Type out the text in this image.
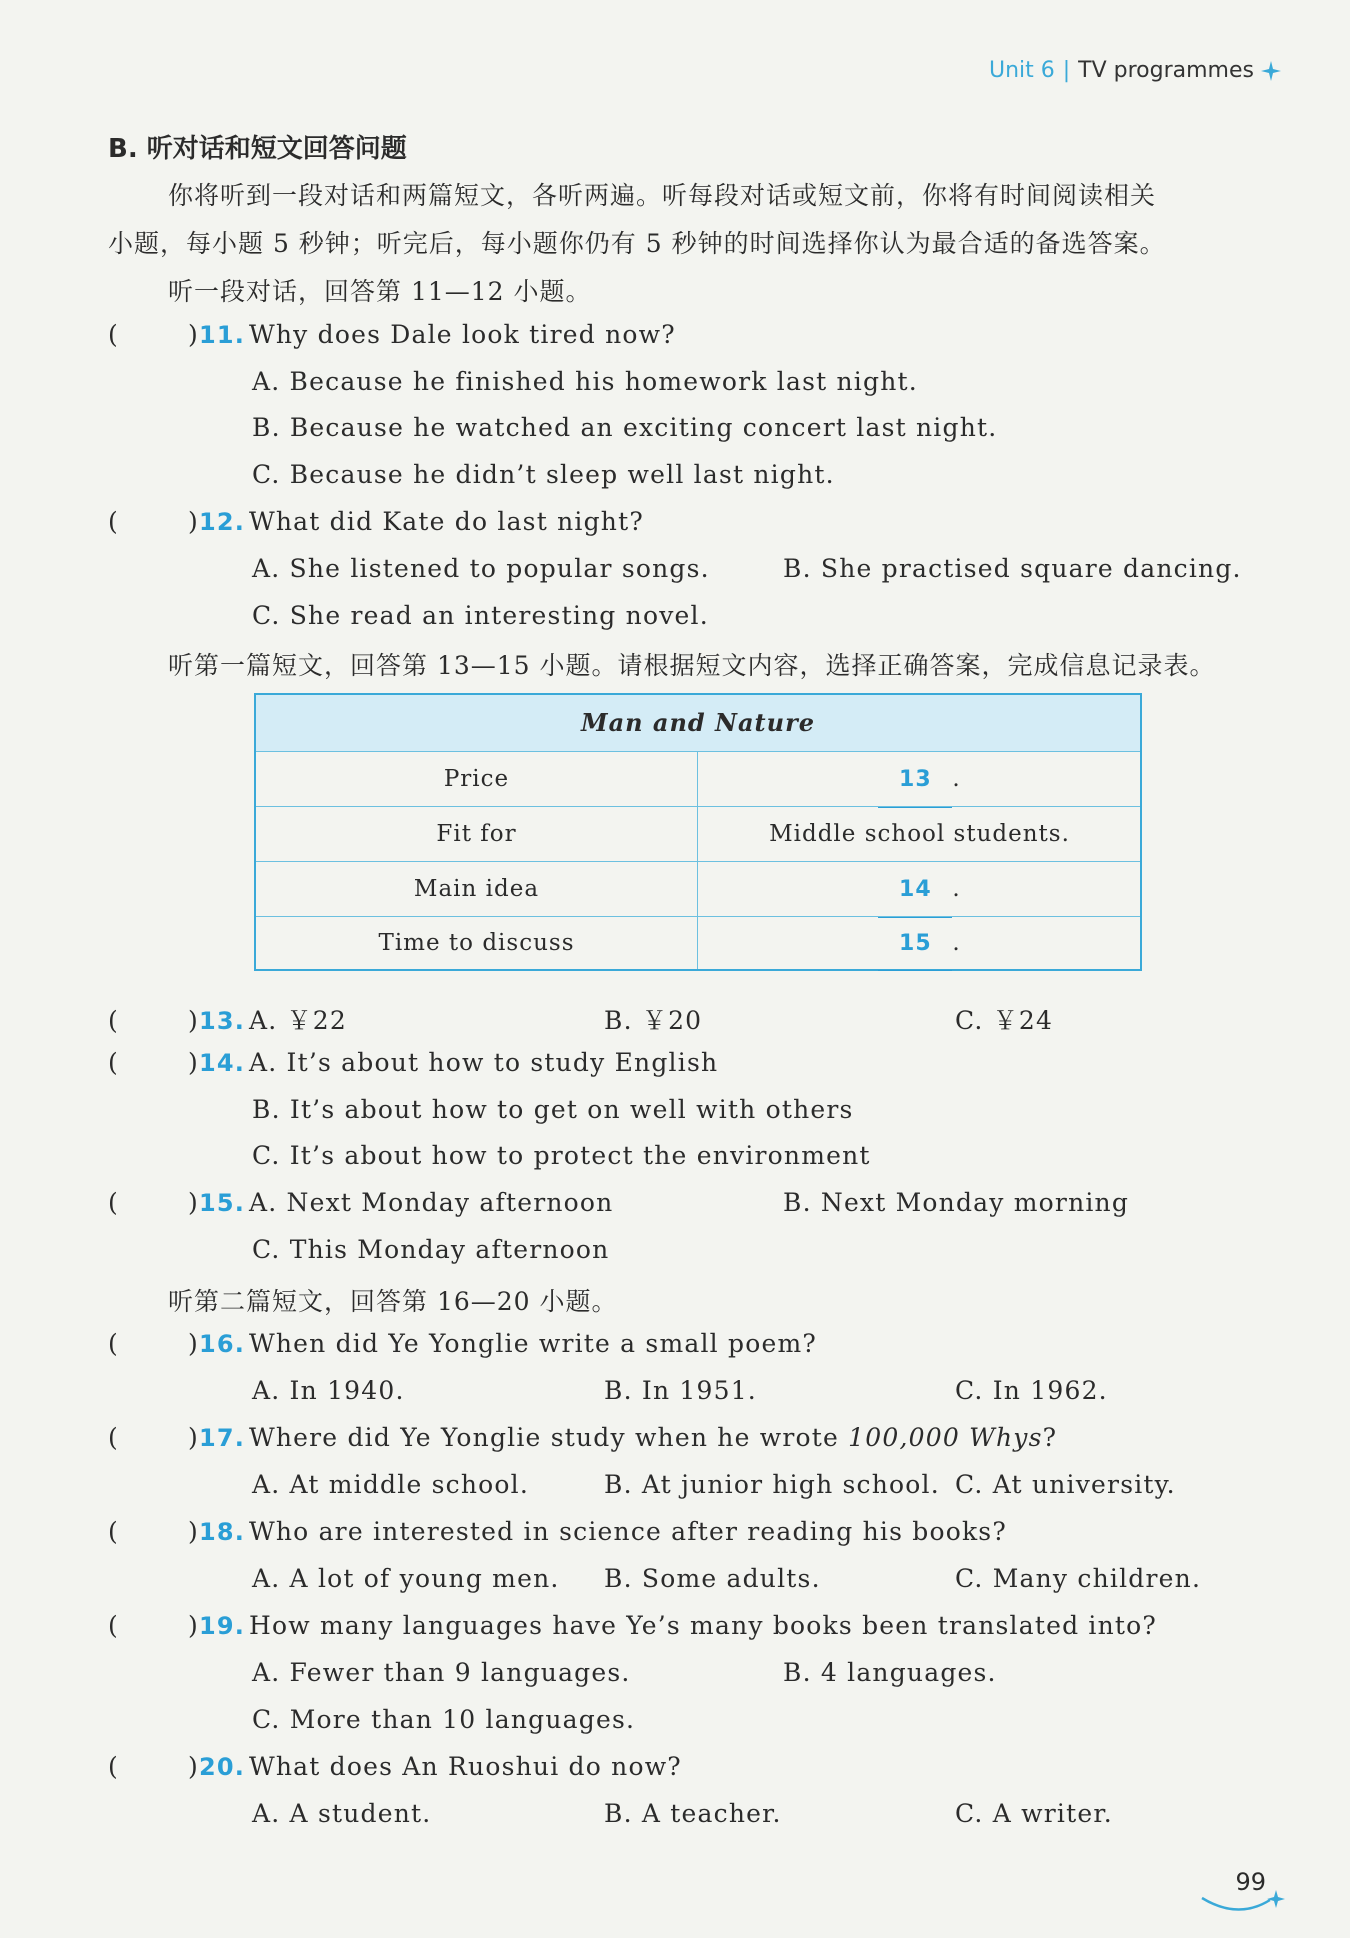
Unit 6 | TV programmes
B. 听对话和短文回答问题
你将听到一段对话和两篇短文，各听两遍。听每段对话或短文前，你将有时间阅读相关
小题，每小题 5 秒钟；听完后，每小题你仍有 5 秒钟的时间选择你认为最合适的备选答案。
听一段对话，回答第 11—12 小题。
(	)11. Why does Dale look tired now?
A. Because he finished his homework last night.
B. Because he watched an exciting concert last night.
C. Because he didn’t sleep well last night.
(	)12. What did Kate do last night?
A. She listened to popular songs.	B. She practised square dancing.
C. She read an interesting novel.
听第一篇短文，回答第 13—15 小题。请根据短文内容，选择正确答案，完成信息记录表。
Man and Nature
Price	13 .
Fit for	Middle school students.
Main idea	14 .
Time to discuss	15 .
(	)13. A. ￥22	B. ￥20	C. ￥24
(	)14. A. It’s about how to study English
B. It’s about how to get on well with others
C. It’s about how to protect the environment
(	)15. A. Next Monday afternoon	B. Next Monday morning
C. This Monday afternoon
听第二篇短文，回答第 16—20 小题。
(	)16. When did Ye Yonglie write a small poem?
A. In 1940.	B. In 1951.	C. In 1962.
(	)17. Where did Ye Yonglie study when he wrote 100,000 Whys?
A. At middle school.	B. At junior high school. C. At university.
(	)18. Who are interested in science after reading his books?
A. A lot of young men. B. Some adults.	C. Many children.
(	)19. How many languages have Ye’s many books been translated into?
A. Fewer than 9 languages.	B. 4 languages.
C. More than 10 languages.
(	)20. What does An Ruoshui do now?
A. A student.	B. A teacher.	C. A writer.
99
